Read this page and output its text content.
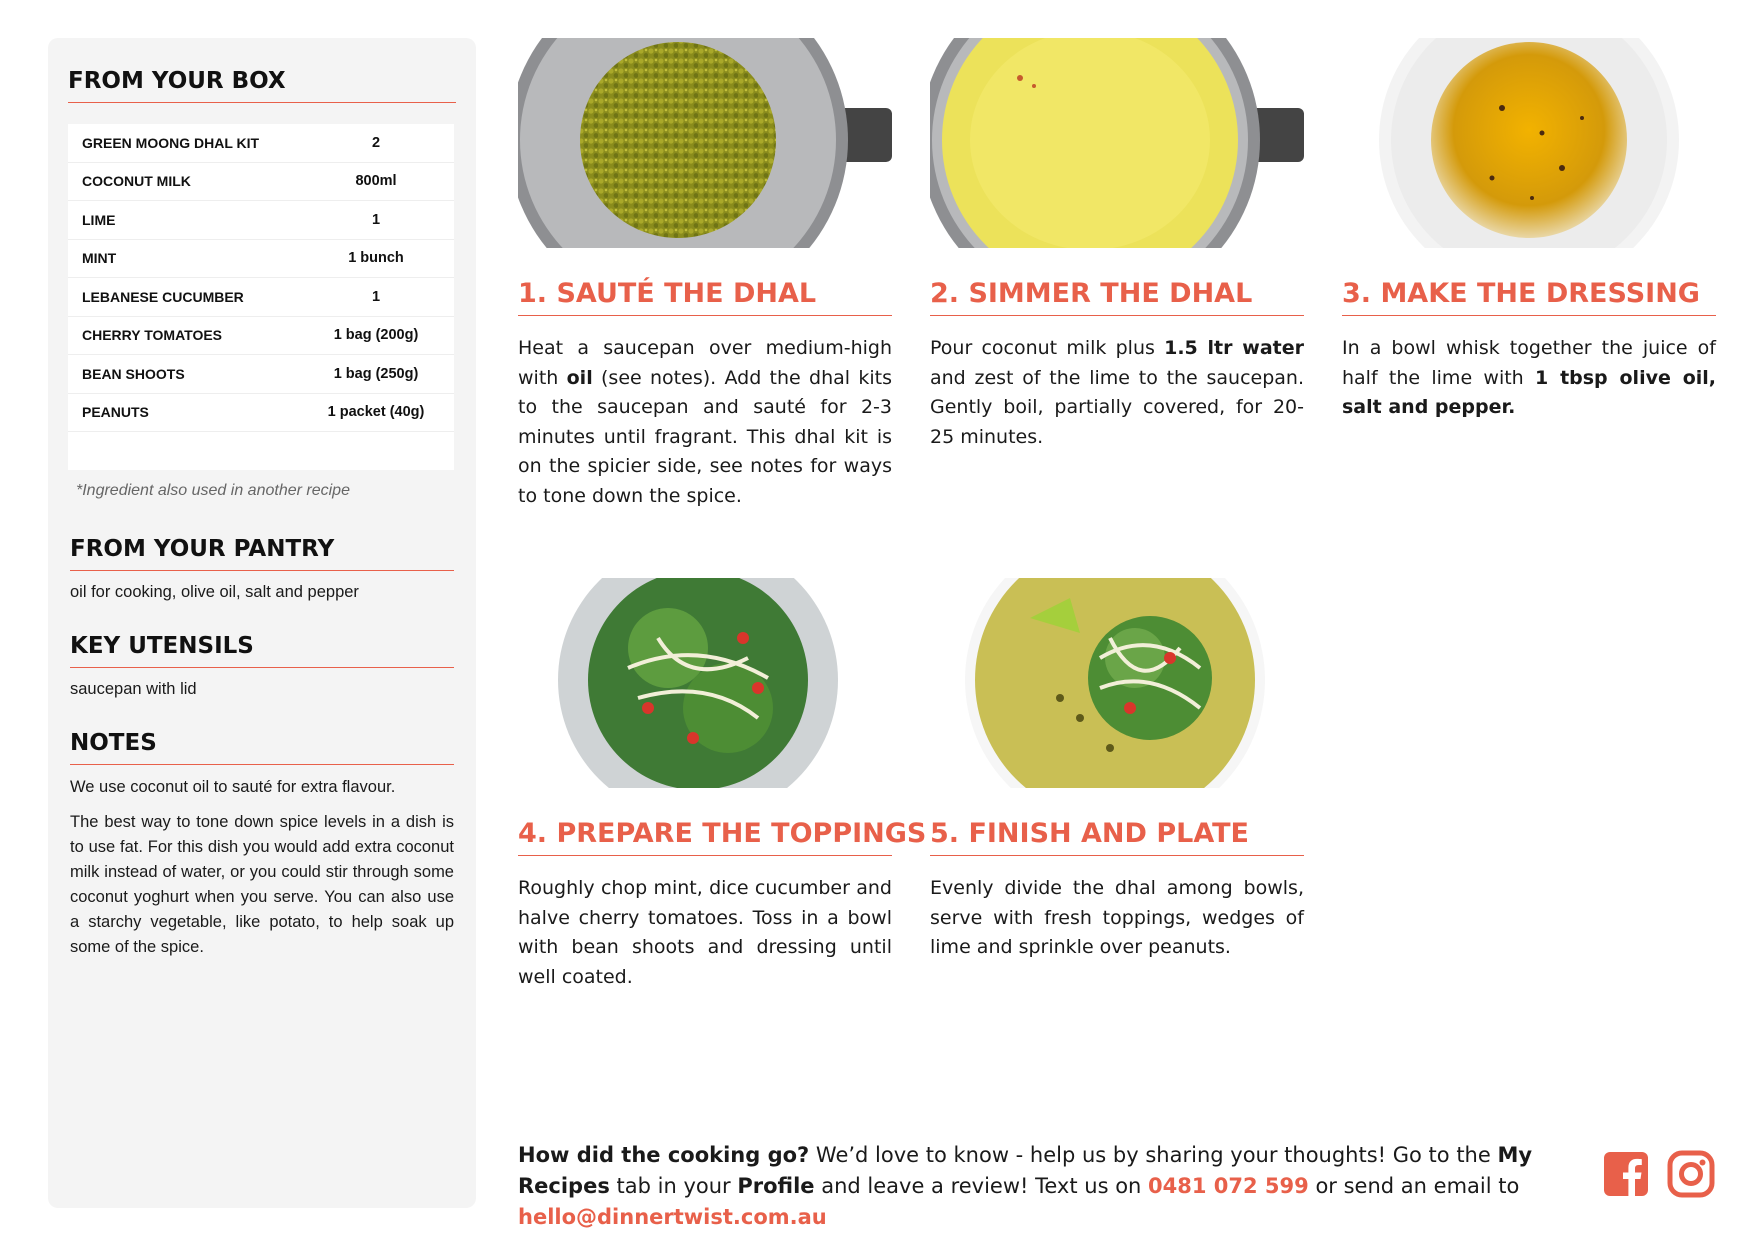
FROM YOUR BOX
GREEN MOONG DHAL KIT	2
COCONUT MILK	800ml
LIME	1
MINT	1 bunch
LEBANESE CUCUMBER	1
CHERRY TOMATOES	1 bag (200g)
BEAN SHOOTS	1 bag (250g)
PEANUTS	1 packet (40g)
*Ingredient also used in another recipe
FROM YOUR PANTRY
oil for cooking, olive oil, salt and pepper
KEY UTENSILS
saucepan with lid
NOTES
We use coconut oil to sauté for extra flavour.
The best way to tone down spice levels in a dish is to use fat. For this dish you would add extra coconut milk instead of water, or you could stir through some coconut yoghurt when you serve. You can also use a starchy vegetable, like potato, to help soak up some of the spice.
1. SAUTÉ THE DHAL
Heat a saucepan over medium-high with oil (see notes). Add the dhal kits to the saucepan and sauté for 2-3 minutes until fragrant. This dhal kit is on the spicier side, see notes for ways to tone down the spice.
2. SIMMER THE DHAL
Pour coconut milk plus 1.5 ltr water and zest of the lime to the saucepan. Gently boil, partially covered, for 20-25 minutes.
3. MAKE THE DRESSING
In a bowl whisk together the juice of half the lime with 1 tbsp olive oil, salt and pepper.
4. PREPARE THE TOPPINGS
Roughly chop mint, dice cucumber and halve cherry tomatoes. Toss in a bowl with bean shoots and dressing until well coated.
5. FINISH AND PLATE
Evenly divide the dhal among bowls, serve with fresh toppings, wedges of lime and sprinkle over peanuts.
How did the cooking go? We’d love to know - help us by sharing your thoughts! Go to the My Recipes tab in your Profile and leave a review! Text us on 0481 072 599 or send an email to hello@dinnertwist.com.au
